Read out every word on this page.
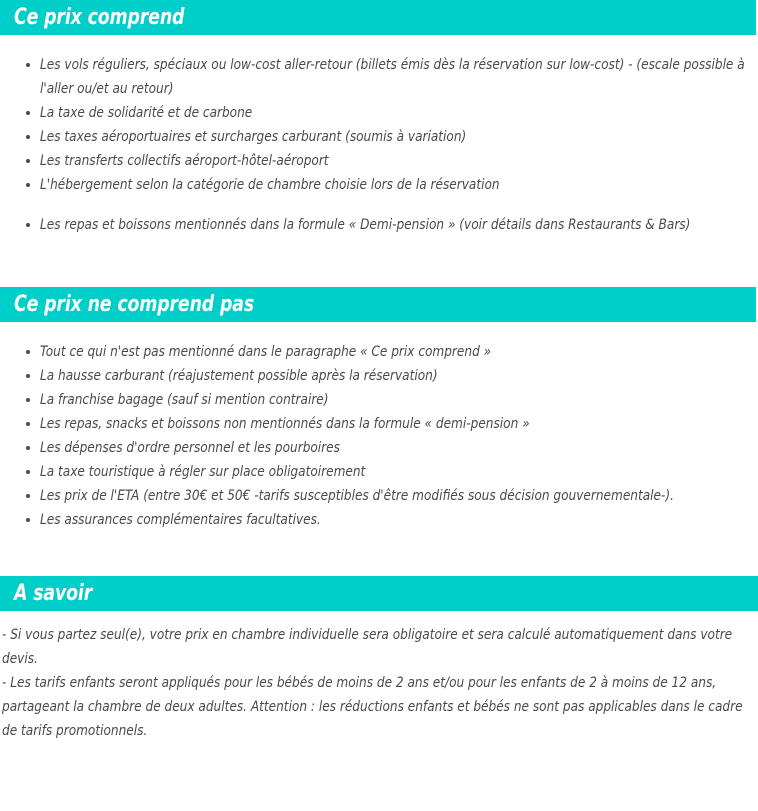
Ce prix comprend
Les vols réguliers, spéciaux ou low-cost aller-retour (billets émis dès la réservation sur low-cost) - (escale possible à l'aller ou/et au retour)
La taxe de solidarité et de carbone
Les taxes aéroportuaires et surcharges carburant (soumis à variation)
Les transferts collectifs aéroport-hôtel-aéroport
L'hébergement selon la catégorie de chambre choisie lors de la réservation
Les repas et boissons mentionnés dans la formule « Demi-pension » (voir détails dans Restaurants & Bars)
Ce prix ne comprend pas
Tout ce qui n'est pas mentionné dans le paragraphe « Ce prix comprend »
La hausse carburant (réajustement possible après la réservation)
La franchise bagage (sauf si mention contraire)
Les repas, snacks et boissons non mentionnés dans la formule « demi-pension »
Les dépenses d'ordre personnel et les pourboires
La taxe touristique à régler sur place obligatoirement
Les prix de l'ETA (entre 30€ et 50€ -tarifs susceptibles d'être modifiés sous décision gouvernementale-).
Les assurances complémentaires facultatives.
A savoir

- Si vous partez seul(e), votre prix en chambre individuelle sera obligatoire et sera calculé automatiquement dans votre devis.

- Les tarifs enfants seront appliqués pour les bébés de moins de 2 ans et/ou pour les enfants de 2 à moins de 12 ans, partageant la chambre de deux adultes. Attention : les réductions enfants et bébés ne sont pas applicables dans le cadre de tarifs promotionnels.
